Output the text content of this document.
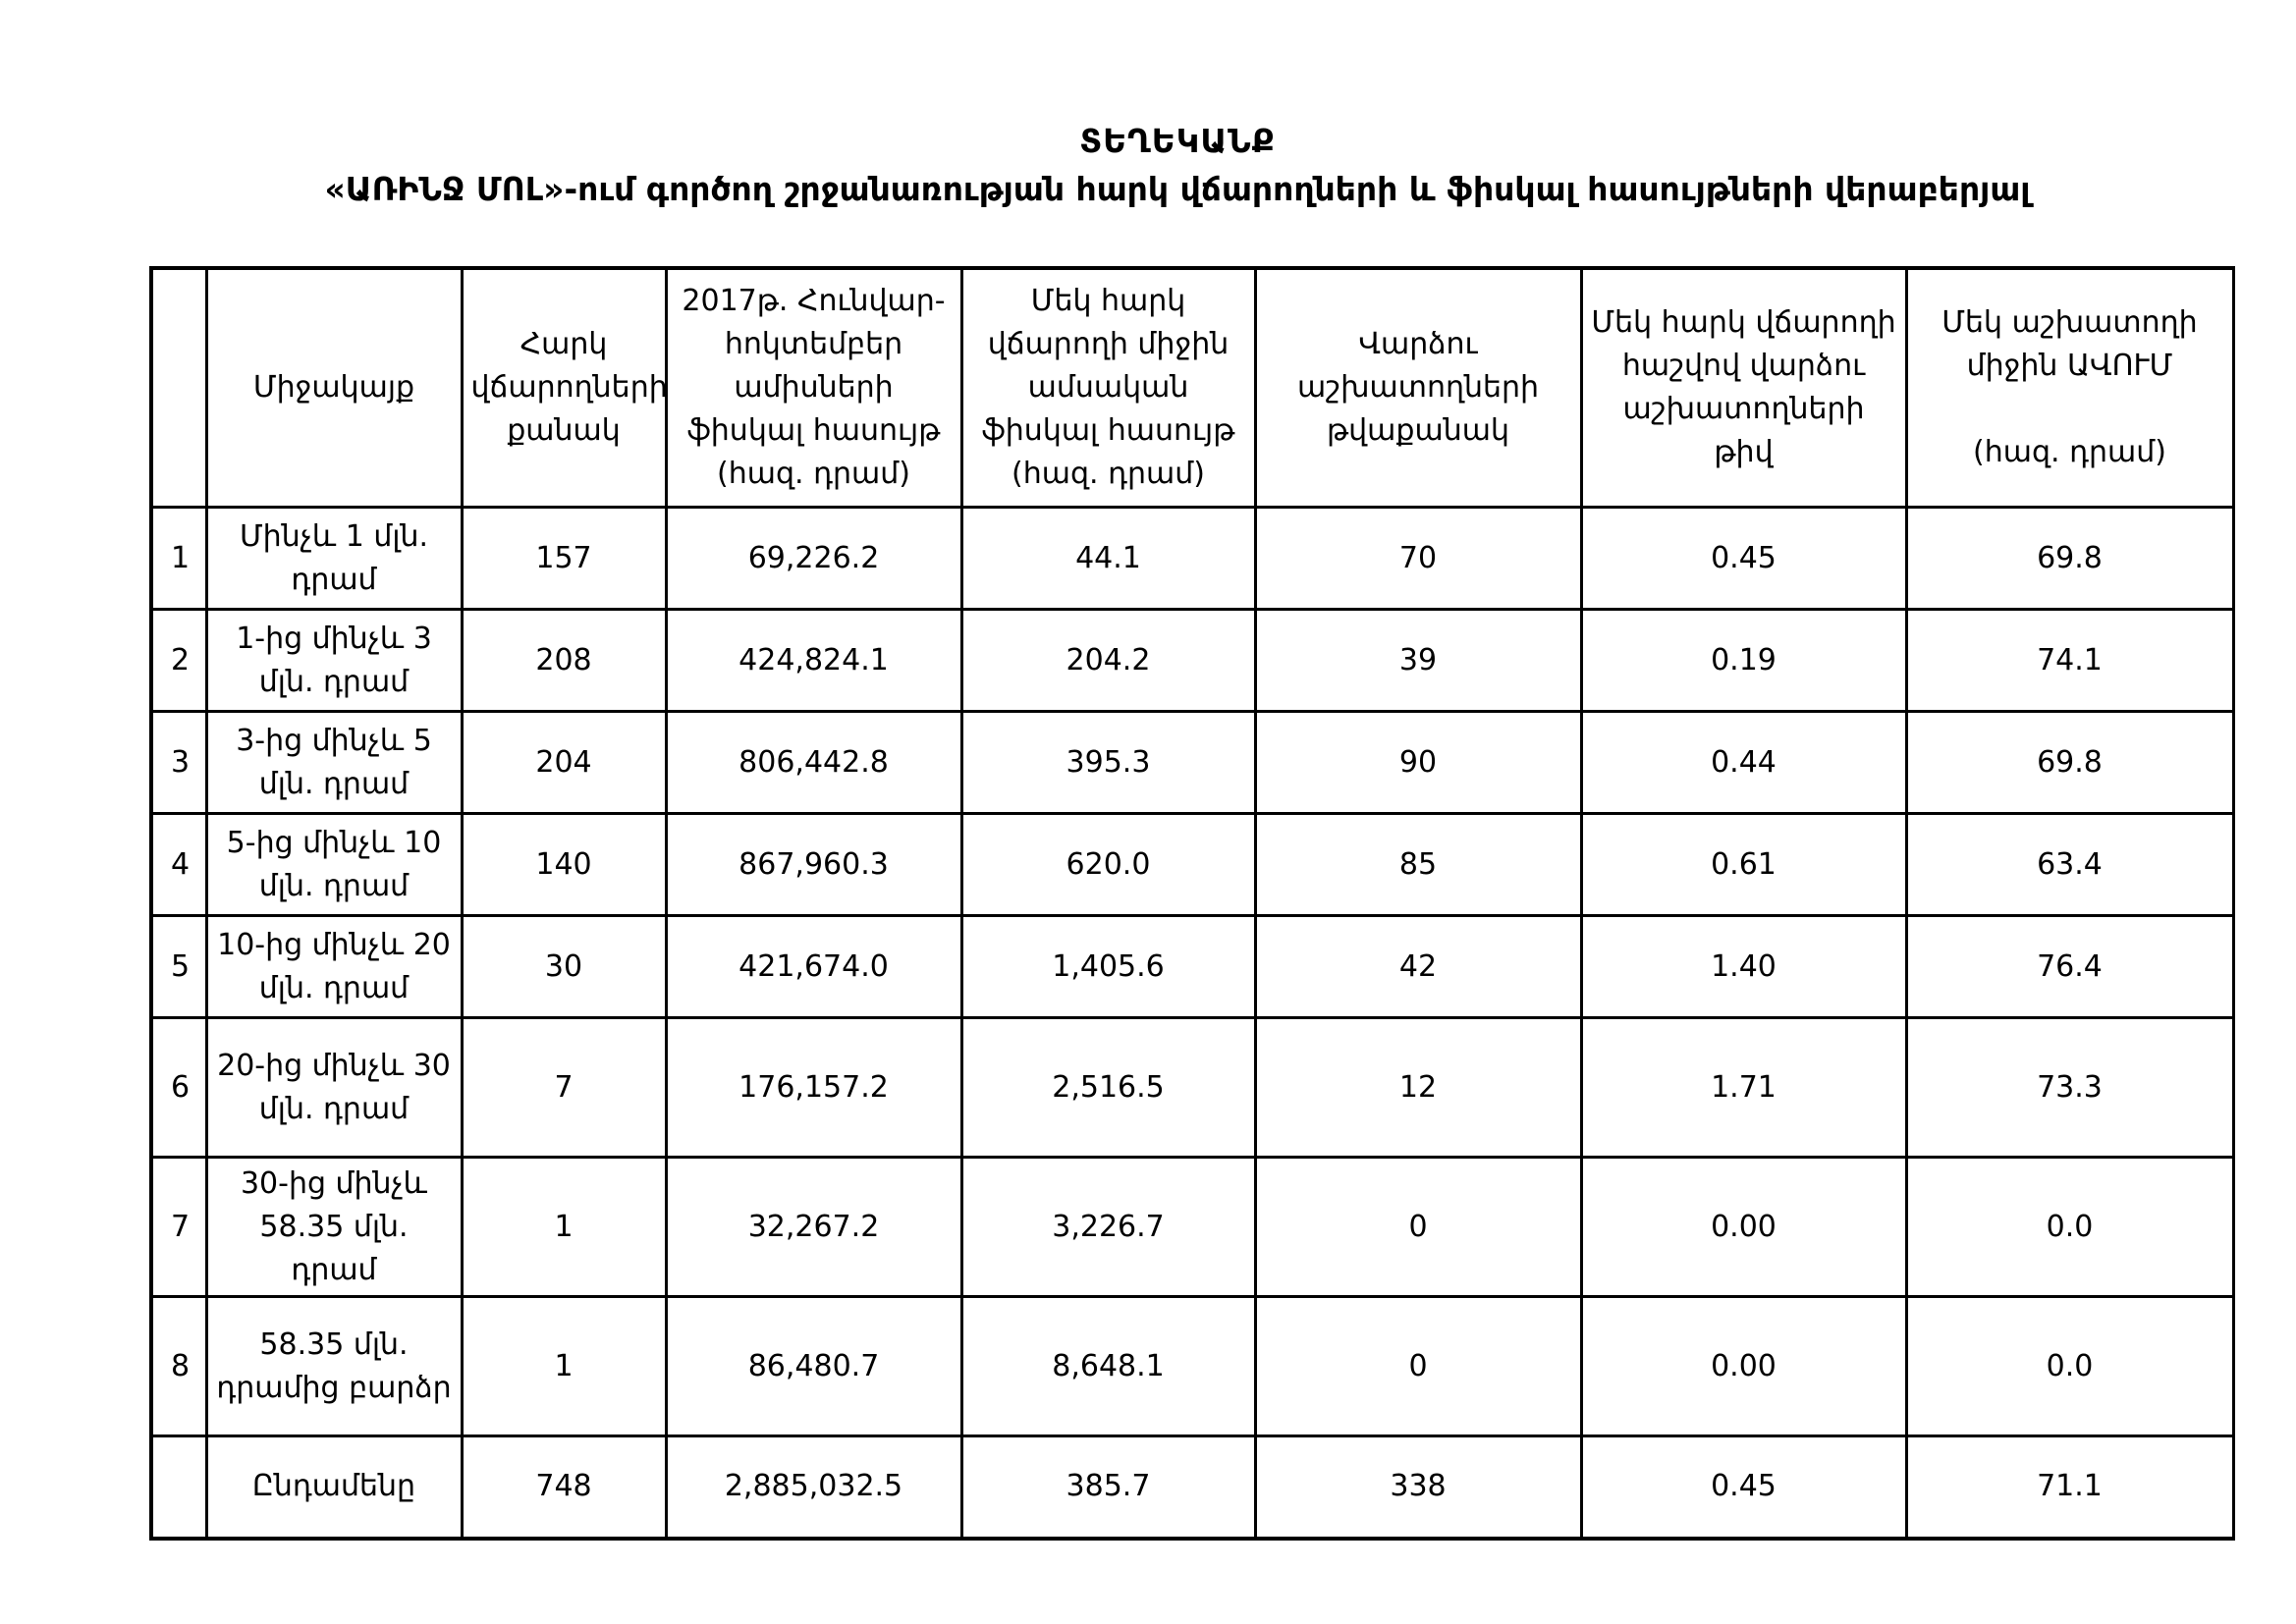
ՏԵՂԵԿԱՆՔ
«ԱՌԻՆՋ ՄՈԼ»-ում գործող շրջանառության հարկ վճարողների և ֆիսկալ հասույթների վերաբերյալ
	Միջակայք	Հարկ վճարողների քանակ	2017թ. Հունվար-հոկտեմբեր ամիսների ֆիսկալ հասույթ (հազ. դրամ)	Մեկ հարկ վճարողի միջին ամսական ֆիսկալ հասույթ (հազ. դրամ)	Վարձու աշխատողների թվաքանակ	Մեկ հարկ վճարողի հաշվով վարձու աշխատողների թիվ	Մեկ աշխատողի միջին ԱՎՈՒՄ

(հազ. դրամ)
1	Մինչև 1 մլն. դրամ	157	69,226.2	44.1	70	0.45	69.8
2	1-ից մինչև 3 մլն. դրամ	208	424,824.1	204.2	39	0.19	74.1
3	3-ից մինչև 5 մլն. դրամ	204	806,442.8	395.3	90	0.44	69.8
4	5-ից մինչև 10 մլն. դրամ	140	867,960.3	620.0	85	0.61	63.4
5	10-ից մինչև 20 մլն. դրամ	30	421,674.0	1,405.6	42	1.40	76.4
6	20-ից մինչև 30 մլն. դրամ	7	176,157.2	2,516.5	12	1.71	73.3
7	30-ից մինչև 58.35 մլն. դրամ	1	32,267.2	3,226.7	0	0.00	0.0
8	58.35 մլն. դրամից բարձր	1	86,480.7	8,648.1	0	0.00	0.0
	Ընդամենը	748	2,885,032.5	385.7	338	0.45	71.1
